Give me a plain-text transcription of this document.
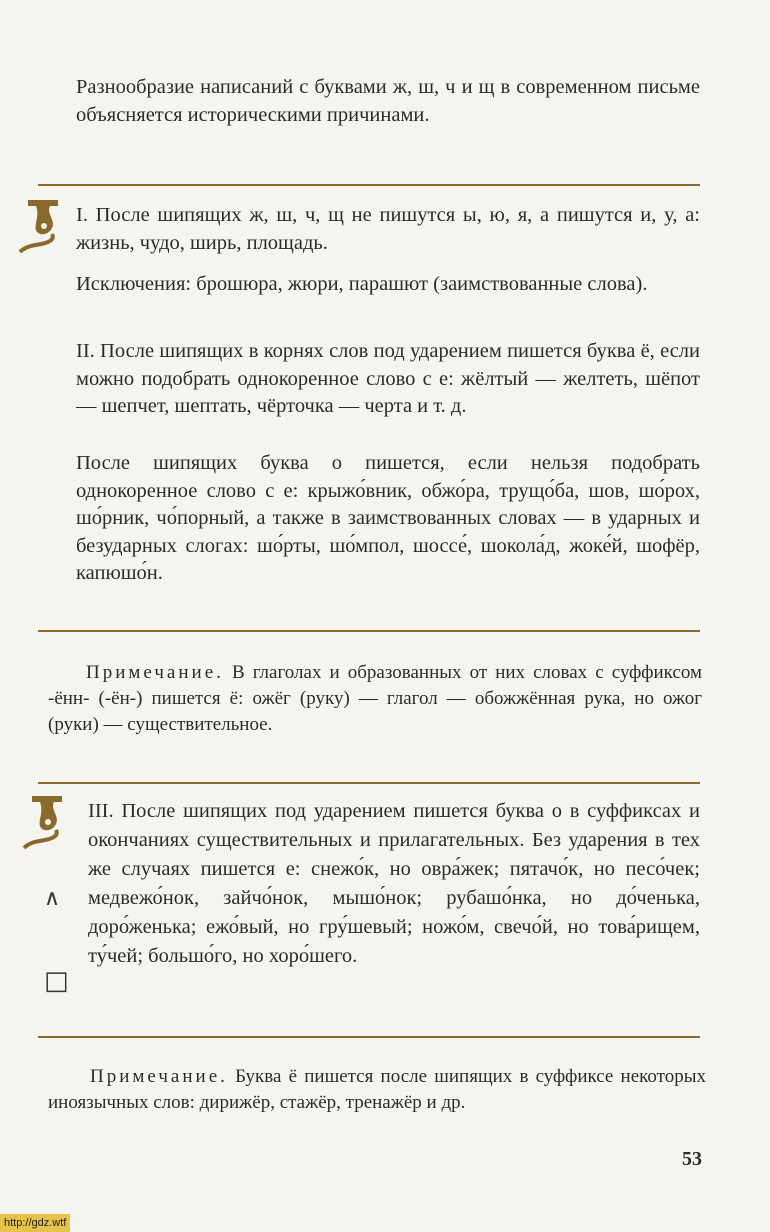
Разнообразие написаний с буквами ж, ш, ч и щ в современном письме объясняется историческими причинами.
I. После шипящих ж, ш, ч, щ не пишутся ы, ю, я, а пишутся и, у, а: жизнь, чудо, ширь, площадь.
Исключения: брошюра, жюри, парашют (заимствованные слова).
II. После шипящих в корнях слов под ударением пишется буква ё, если можно подобрать однокоренное слово с е: жёлтый — желтеть, шёпот — шепчет, шептать, чёрточка — черта и т. д.
После шипящих буква о пишется, если нельзя подобрать однокоренное слово с е: крыжо́вник, обжо́ра, трущо́ба, шов, шо́рох, шо́рник, чо́порный, а также в заимствованных словах — в ударных и безударных слогах: шо́рты, шо́мпол, шоссе́, шокола́д, жоке́й, шофёр, капюшо́н.
Примечание. В глаголах и образованных от них словах с суффиксом -ённ- (-ён-) пишется ё: ожёг (руку) — глагол — обожжённая рука, но ожог (руки) — существительное.
III. После шипящих под ударением пишется буква о в суффиксах и окончаниях существительных и прилагательных. Без ударения в тех же случаях пишется е: снежо́к, но овра́жек; пятачо́к, но песо́чек; медвежо́нок, зайчо́нок, мышо́нок; рубашо́нка, но до́ченька, доро́женька; ежо́вый, но гру́шевый; ножо́м, свечо́й, но това́рищем, ту́чей; большо́го, но хоро́шего.
∧
□
Примечание. Буква ё пишется после шипящих в суффиксе некоторых иноязычных слов: дирижёр, стажёр, тренажёр и др.
53
http://gdz.wtf
